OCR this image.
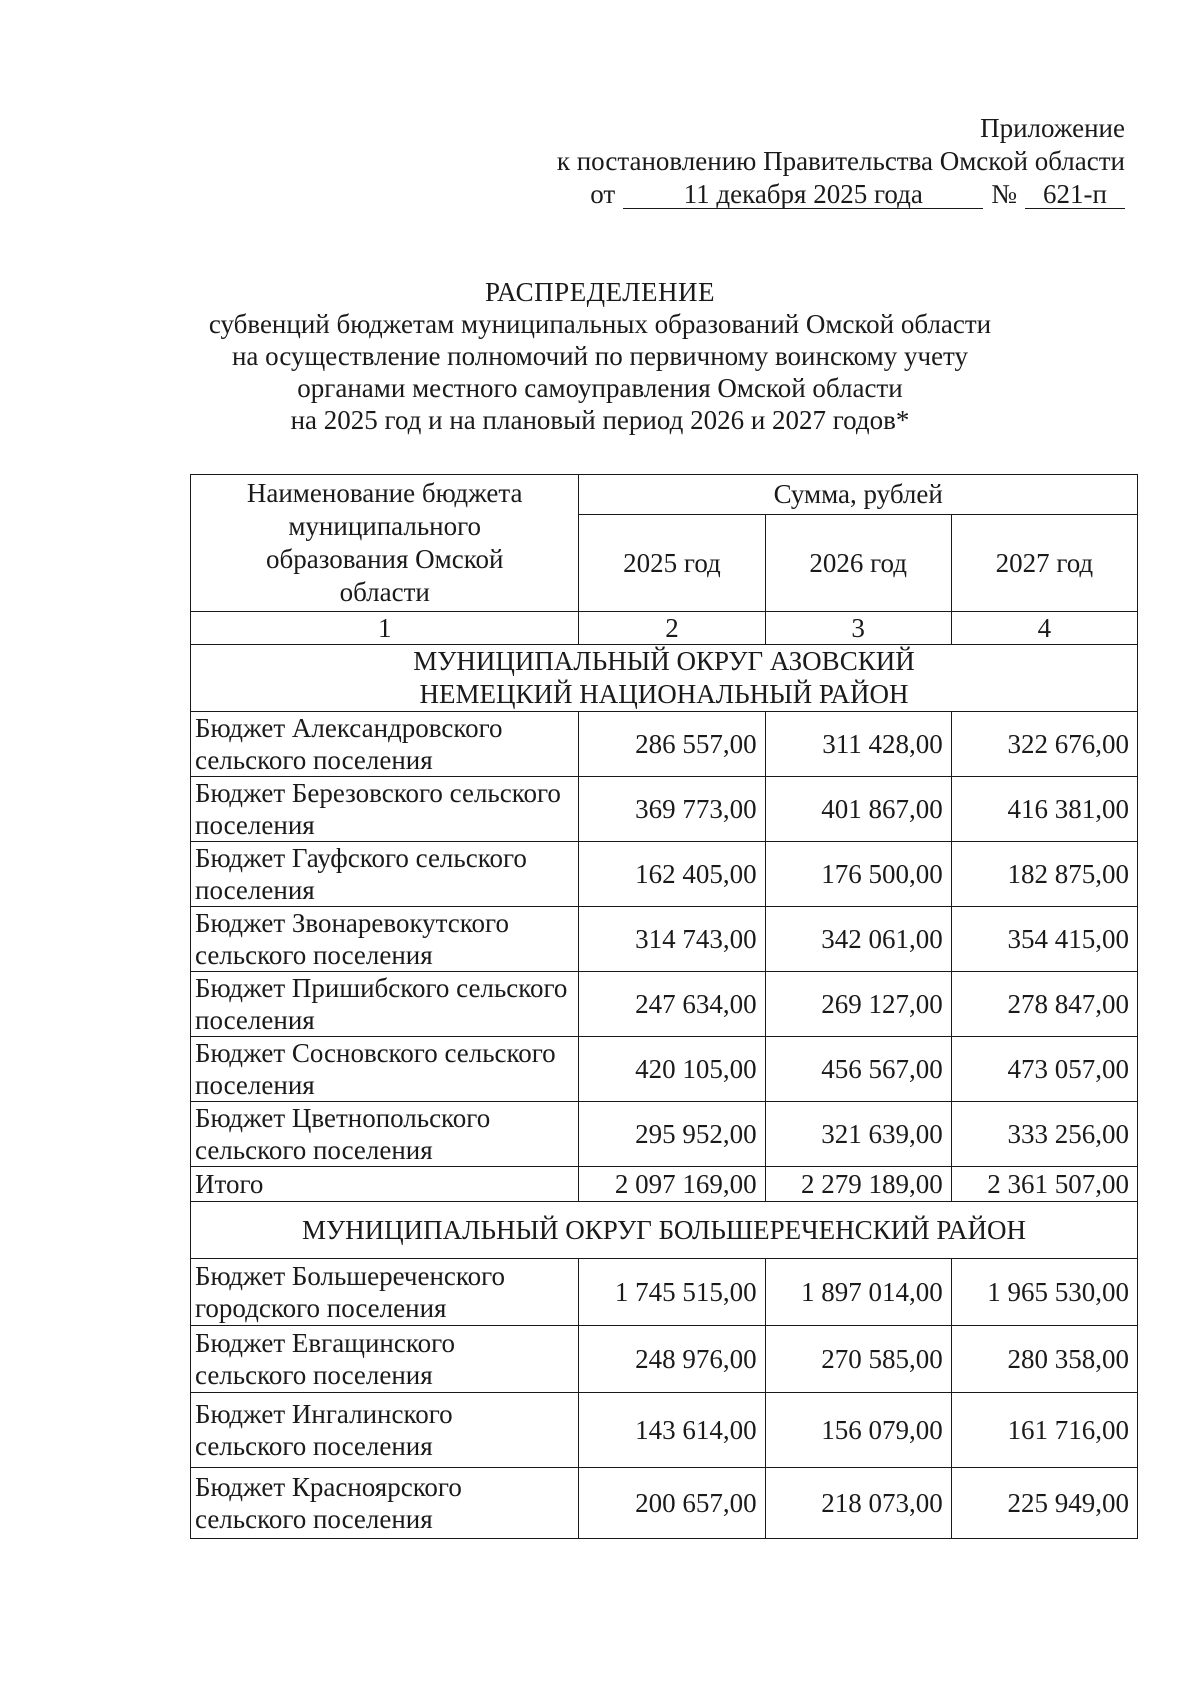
Приложение
к постановлению Правительства Омской области
от	11 декабря 2025 года	№ 621-п
РАСПРЕДЕЛЕНИЕ
субвенций бюджетам муниципальных образований Омской области
на осуществление полномочий по первичному воинскому учету
органами местного самоуправления Омской области
на 2025 год и на плановый период 2026 и 2027 годов*
Наименование бюджета муниципального образования Омской области	Сумма, рублей		
	2025 год	2026 год	2027 год
1	2	3	4
МУНИЦИПАЛЬНЫЙ ОКРУГ АЗОВСКИЙ НЕМЕЦКИЙ НАЦИОНАЛЬНЫЙ РАЙОН			
Бюджет Александровского сельского поселения	286 557,00	311 428,00	322 676,00
Бюджет Березовского сельского поселения	369 773,00	401 867,00	416 381,00
Бюджет Гауфского сельского поселения	162 405,00	176 500,00	182 875,00
Бюджет Звонаревокутского сельского поселения	314 743,00	342 061,00	354 415,00
Бюджет Пришибского сельского поселения	247 634,00	269 127,00	278 847,00
Бюджет Сосновского сельского поселения	420 105,00	456 567,00	473 057,00
Бюджет Цветнопольского сельского поселения	295 952,00	321 639,00	333 256,00
Итого	2 097 169,00	2 279 189,00	2 361 507,00
МУНИЦИПАЛЬНЫЙ ОКРУГ БОЛЬШЕРЕЧЕНСКИЙ РАЙОН			
Бюджет Большереченского городского поселения	1 745 515,00	1 897 014,00	1 965 530,00
Бюджет Евгащинского сельского поселения	248 976,00	270 585,00	280 358,00
Бюджет Ингалинского сельского поселения	143 614,00	156 079,00	161 716,00
Бюджет Красноярского сельского поселения	200 657,00	218 073,00	225 949,00
